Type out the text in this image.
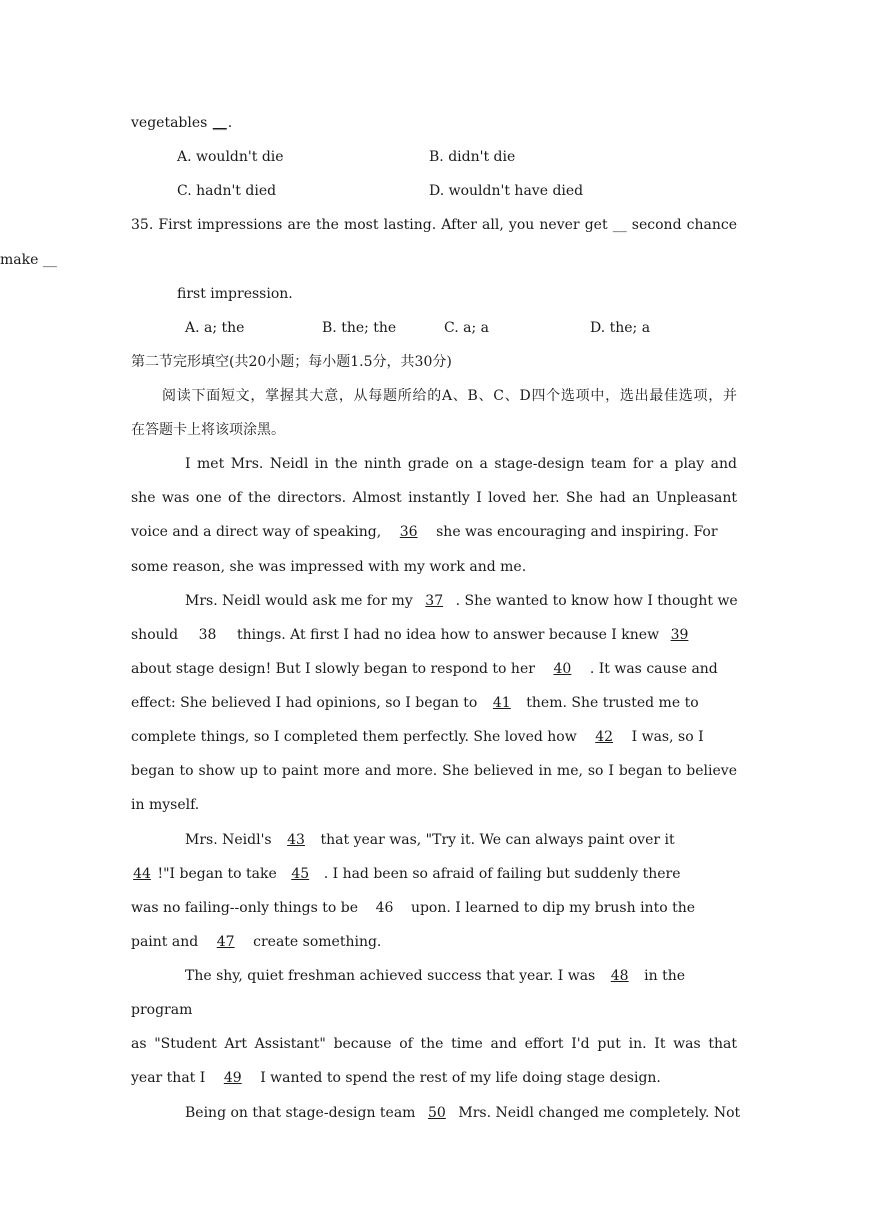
vegetables __.
A. wouldn't die	B. didn't die
C. hadn't died	D. wouldn't have died
35. First impressions are the most lasting. After all, you never get __ second chance
make __
first impression.
A. a; the	B. the; the	C. a; a	D. the; a
第二节完形填空(共20小题；每小题1.5分，共30分)
阅读下面短文，掌握其大意，从每题所给的A、B、C、D四个选项中，选出最佳选项，并
在答题卡上将该项涂黑。
I met Mrs. Neidl in the ninth grade on a stage-design team for a play and
she was one of the directors. Almost instantly I loved her. She had an Unpleasant
voice and a direct way of speaking, 36 she was encouraging and inspiring. For
some reason, she was impressed with my work and me.
Mrs. Neidl would ask me for my 37 . She wanted to know how I thought we
should 38 things. At first I had no idea how to answer because I knew 39
about stage design! But I slowly began to respond to her 40 . It was cause and
effect: She believed I had opinions, so I began to 41 them. She trusted me to
complete things, so I completed them perfectly. She loved how 42 I was, so I
began to show up to paint more and more. She believed in me, so I began to believe
in myself.
Mrs. Neidl's 43 that year was, "Try it. We can always paint over it
44 !"I began to take 45 . I had been so afraid of failing but suddenly there
was no failing--only things to be 46 upon. I learned to dip my brush into the
paint and 47 create something.
The shy, quiet freshman achieved success that year. I was 48 in the
program
as "Student Art Assistant" because of the time and effort I'd put in. It was that
year that I 49 I wanted to spend the rest of my life doing stage design.
Being on that stage-design team 50 Mrs. Neidl changed me completely. Not
